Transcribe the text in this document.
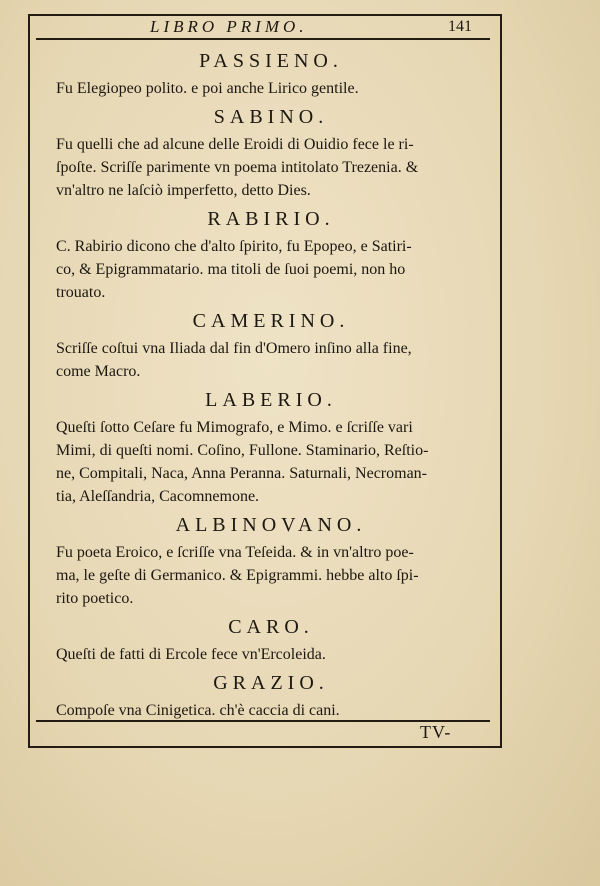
LIBRO PRIMO.	141
PASSIENO.
Fu Elegiopeo polito. e poi anche Lirico gentile.
SABINO.
Fu quelli che ad alcune delle Eroidi di Ouidio fece le ri-
ſpoſte. Scriſſe parimente vn poema intitolato Trezenia. &
vn'altro ne laſciò imperfetto, detto Dies.
RABIRIO.
C. Rabirio dicono che d'alto ſpirito, fu Epopeo, e Satiri-
co, & Epigrammatario. ma titoli de ſuoi poemi, non ho
trouato.
CAMERINO.
Scriſſe coſtui vna Iliada dal fin d'Omero inſino alla fine,
come Macro.
LABERIO.
Queſti ſotto Ceſare fu Mimografo, e Mimo. e ſcriſſe vari
Mimi, di queſti nomi. Coſino, Fullone. Staminario, Reſtio-
ne, Compitali, Naca, Anna Peranna. Saturnali, Necroman-
tia, Aleſſandria, Cacomnemone.
ALBINOVANO.
Fu poeta Eroico, e ſcriſſe vna Teſeida. & in vn'altro poe-
ma, le geſte di Germanico. & Epigrammi. hebbe alto ſpi-
rito poetico.
CARO.
Queſti de fatti di Ercole fece vn'Ercoleida.
GRAZIO.
Compoſe vna Cinigetica. ch'è caccia di cani.
TV-
